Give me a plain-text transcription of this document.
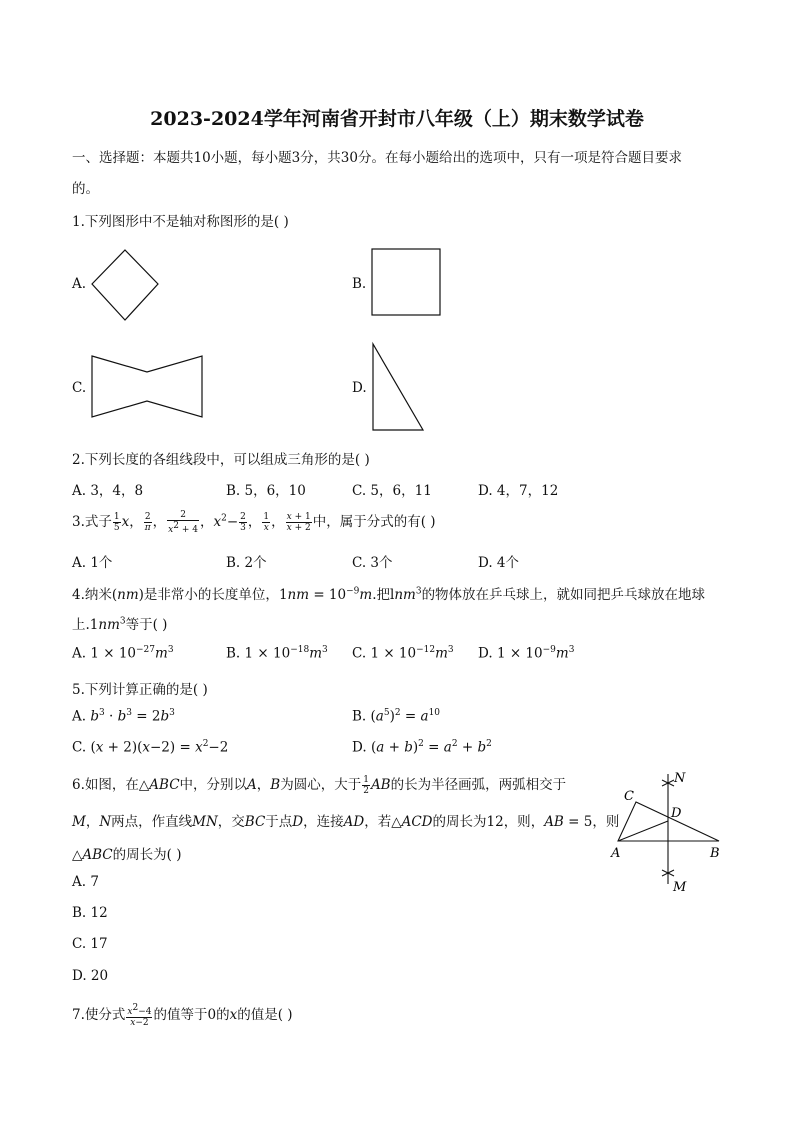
2023-2024学年河南省开封市八年级（上）期末数学试卷
一、选择题：本题共10小题，每小题3分，共30分。在每小题给出的选项中，只有一项是符合题目要求
的。
1.下列图形中不是轴对称图形的是( )
A.	B.
C.	D.
2.下列长度的各组线段中，可以组成三角形的是( )
A. 3，4，8	B. 5，6，10	C. 5，6，11	D. 4，7，12
3.式子 $\frac{1}{5}$ x， $\frac{2}{\pi}$ ， $\frac{2}{x^2 + 4}$ ，$x^2- \frac{2}{3}$ ， $\frac{1}{x}$ ， $\frac{x + 1}{x + 2}$ 中，属于分式的有( )
A. 1个	B. 2个	C. 3个	D. 4个
4.纳米(nm)是非常小的长度单位，$1nm = 10^{-9}m$.把lnm$^3$的物体放在乒乓球上，就如同把乒乓球放在地球
上$.1nm^3$等于( )
A. $1 \times 10^{-27}m^3$	B. $1 \times 10^{-18}m^3$ C. $1 \times 10^{-12}m^3$ D. $1 \times 10^{-9}m^3$
5.下列计算正确的是( )
A. $b^3 \cdot b^3 = 2b^3$	B. $(a^5)^2 = a^{10}$
C. $(x + 2)(x-2) = x^2-2$	D. $(a + b)^2 = a^2 + b^2$
6.如图，在△ABC中，分别以A，B为圆心，大于 $\frac{1}{2}$ AB的长为半径画弧，两弧相交于
M，N两点，作直线MN，交BC于点D，连接AD，若△ACD的周长为12，则，AB = 5，则
△ABC的周长为( )
A. 7
B. 12
C. 17
D. 20
N
C
D
A	B
M
7.使分式 $\frac{x^2-4}{x-2}$ 的值等于0的x的值是( )
